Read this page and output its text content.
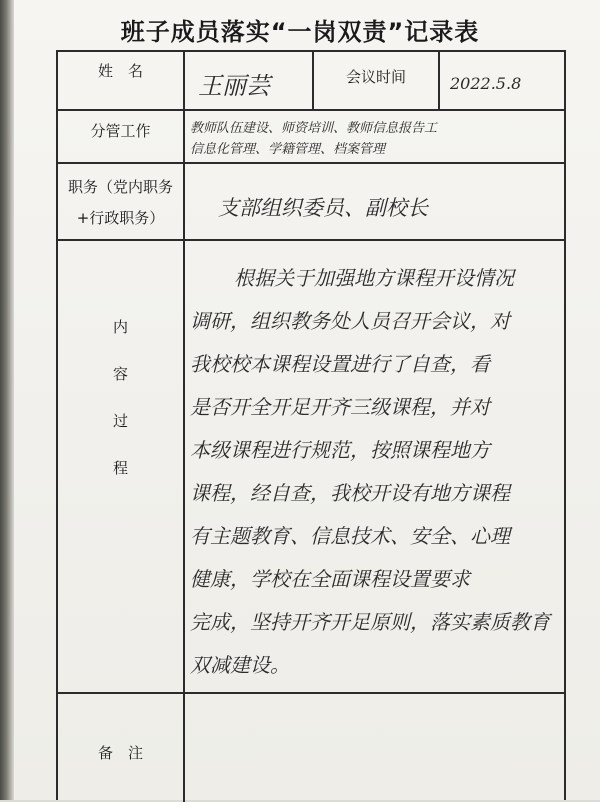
班子成员落实“一岗双责”记录表
姓　名	会议时间
分管工作
职务（党内职务
+行政职务）
内
容
过
程
备　注
王丽芸	2022.5.8
教师队伍建设、师资培训、教师信息报告工
信息化管理、学籍管理、档案管理
支部组织委员、副校长
根据关于加强地方课程开设情况
调研，组织教务处人员召开会议，对
我校校本课程设置进行了自查，看
是否开全开足开齐三级课程，并对
本级课程进行规范，按照课程地方
课程，经自查，我校开设有地方课程
有主题教育、信息技术、安全、心理
健康，学校在全面课程设置要求
完成，坚持开齐开足原则，落实素质教育
双减建设。
